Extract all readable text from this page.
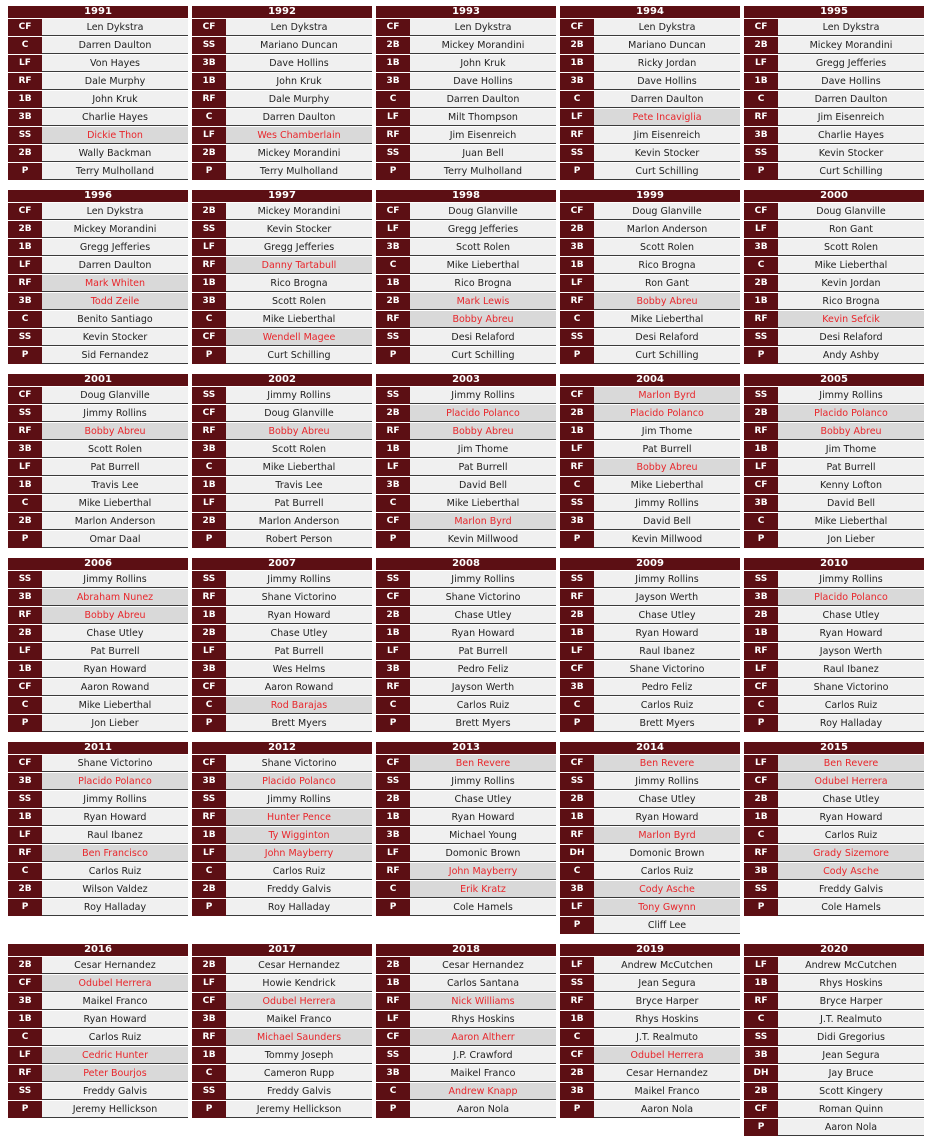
1991
CF	Len Dykstra
C	Darren Daulton
LF	Von Hayes
RF	Dale Murphy
1B	John Kruk
3B	Charlie Hayes
SS	Dickie Thon
2B	Wally Backman
P	Terry Mulholland
1992
CF	Len Dykstra
SS	Mariano Duncan
3B	Dave Hollins
1B	John Kruk
RF	Dale Murphy
C	Darren Daulton
LF	Wes Chamberlain
2B	Mickey Morandini
P	Terry Mulholland
1993
CF	Len Dykstra
2B	Mickey Morandini
1B	John Kruk
3B	Dave Hollins
C	Darren Daulton
LF	Milt Thompson
RF	Jim Eisenreich
SS	Juan Bell
P	Terry Mulholland
1994
CF	Len Dykstra
2B	Mariano Duncan
1B	Ricky Jordan
3B	Dave Hollins
C	Darren Daulton
LF	Pete Incaviglia
RF	Jim Eisenreich
SS	Kevin Stocker
P	Curt Schilling
1995
CF	Len Dykstra
2B	Mickey Morandini
LF	Gregg Jefferies
1B	Dave Hollins
C	Darren Daulton
RF	Jim Eisenreich
3B	Charlie Hayes
SS	Kevin Stocker
P	Curt Schilling
1996
CF	Len Dykstra
2B	Mickey Morandini
1B	Gregg Jefferies
LF	Darren Daulton
RF	Mark Whiten
3B	Todd Zeile
C	Benito Santiago
SS	Kevin Stocker
P	Sid Fernandez
1997
2B	Mickey Morandini
SS	Kevin Stocker
LF	Gregg Jefferies
RF	Danny Tartabull
1B	Rico Brogna
3B	Scott Rolen
C	Mike Lieberthal
CF	Wendell Magee
P	Curt Schilling
1998
CF	Doug Glanville
LF	Gregg Jefferies
3B	Scott Rolen
C	Mike Lieberthal
1B	Rico Brogna
2B	Mark Lewis
RF	Bobby Abreu
SS	Desi Relaford
P	Curt Schilling
1999
CF	Doug Glanville
2B	Marlon Anderson
3B	Scott Rolen
1B	Rico Brogna
LF	Ron Gant
RF	Bobby Abreu
C	Mike Lieberthal
SS	Desi Relaford
P	Curt Schilling
2000
CF	Doug Glanville
LF	Ron Gant
3B	Scott Rolen
C	Mike Lieberthal
2B	Kevin Jordan
1B	Rico Brogna
RF	Kevin Sefcik
SS	Desi Relaford
P	Andy Ashby
2001
CF	Doug Glanville
SS	Jimmy Rollins
RF	Bobby Abreu
3B	Scott Rolen
LF	Pat Burrell
1B	Travis Lee
C	Mike Lieberthal
2B	Marlon Anderson
P	Omar Daal
2002
SS	Jimmy Rollins
CF	Doug Glanville
RF	Bobby Abreu
3B	Scott Rolen
C	Mike Lieberthal
1B	Travis Lee
LF	Pat Burrell
2B	Marlon Anderson
P	Robert Person
2003
SS	Jimmy Rollins
2B	Placido Polanco
RF	Bobby Abreu
1B	Jim Thome
LF	Pat Burrell
3B	David Bell
C	Mike Lieberthal
CF	Marlon Byrd
P	Kevin Millwood
2004
CF	Marlon Byrd
2B	Placido Polanco
1B	Jim Thome
LF	Pat Burrell
RF	Bobby Abreu
C	Mike Lieberthal
SS	Jimmy Rollins
3B	David Bell
P	Kevin Millwood
2005
SS	Jimmy Rollins
2B	Placido Polanco
RF	Bobby Abreu
1B	Jim Thome
LF	Pat Burrell
CF	Kenny Lofton
3B	David Bell
C	Mike Lieberthal
P	Jon Lieber
2006
SS	Jimmy Rollins
3B	Abraham Nunez
RF	Bobby Abreu
2B	Chase Utley
LF	Pat Burrell
1B	Ryan Howard
CF	Aaron Rowand
C	Mike Lieberthal
P	Jon Lieber
2007
SS	Jimmy Rollins
RF	Shane Victorino
1B	Ryan Howard
2B	Chase Utley
LF	Pat Burrell
3B	Wes Helms
CF	Aaron Rowand
C	Rod Barajas
P	Brett Myers
2008
SS	Jimmy Rollins
CF	Shane Victorino
2B	Chase Utley
1B	Ryan Howard
LF	Pat Burrell
3B	Pedro Feliz
RF	Jayson Werth
C	Carlos Ruiz
P	Brett Myers
2009
SS	Jimmy Rollins
RF	Jayson Werth
2B	Chase Utley
1B	Ryan Howard
LF	Raul Ibanez
CF	Shane Victorino
3B	Pedro Feliz
C	Carlos Ruiz
P	Brett Myers
2010
SS	Jimmy Rollins
3B	Placido Polanco
2B	Chase Utley
1B	Ryan Howard
RF	Jayson Werth
LF	Raul Ibanez
CF	Shane Victorino
C	Carlos Ruiz
P	Roy Halladay
2011
CF	Shane Victorino
3B	Placido Polanco
SS	Jimmy Rollins
1B	Ryan Howard
LF	Raul Ibanez
RF	Ben Francisco
C	Carlos Ruiz
2B	Wilson Valdez
P	Roy Halladay
2012
CF	Shane Victorino
3B	Placido Polanco
SS	Jimmy Rollins
RF	Hunter Pence
1B	Ty Wigginton
LF	John Mayberry
C	Carlos Ruiz
2B	Freddy Galvis
P	Roy Halladay
2013
CF	Ben Revere
SS	Jimmy Rollins
2B	Chase Utley
1B	Ryan Howard
3B	Michael Young
LF	Domonic Brown
RF	John Mayberry
C	Erik Kratz
P	Cole Hamels
2014
CF	Ben Revere
SS	Jimmy Rollins
2B	Chase Utley
1B	Ryan Howard
RF	Marlon Byrd
DH	Domonic Brown
C	Carlos Ruiz
3B	Cody Asche
LF	Tony Gwynn
P	Cliff Lee
2015
LF	Ben Revere
CF	Odubel Herrera
2B	Chase Utley
1B	Ryan Howard
C	Carlos Ruiz
RF	Grady Sizemore
3B	Cody Asche
SS	Freddy Galvis
P	Cole Hamels
2016
2B	Cesar Hernandez
CF	Odubel Herrera
3B	Maikel Franco
1B	Ryan Howard
C	Carlos Ruiz
LF	Cedric Hunter
RF	Peter Bourjos
SS	Freddy Galvis
P	Jeremy Hellickson
2017
2B	Cesar Hernandez
LF	Howie Kendrick
CF	Odubel Herrera
3B	Maikel Franco
RF	Michael Saunders
1B	Tommy Joseph
C	Cameron Rupp
SS	Freddy Galvis
P	Jeremy Hellickson
2018
2B	Cesar Hernandez
1B	Carlos Santana
RF	Nick Williams
LF	Rhys Hoskins
CF	Aaron Altherr
SS	J.P. Crawford
3B	Maikel Franco
C	Andrew Knapp
P	Aaron Nola
2019
LF	Andrew McCutchen
SS	Jean Segura
RF	Bryce Harper
1B	Rhys Hoskins
C	J.T. Realmuto
CF	Odubel Herrera
2B	Cesar Hernandez
3B	Maikel Franco
P	Aaron Nola
2020
LF	Andrew McCutchen
1B	Rhys Hoskins
RF	Bryce Harper
C	J.T. Realmuto
SS	Didi Gregorius
3B	Jean Segura
DH	Jay Bruce
2B	Scott Kingery
CF	Roman Quinn
P	Aaron Nola
